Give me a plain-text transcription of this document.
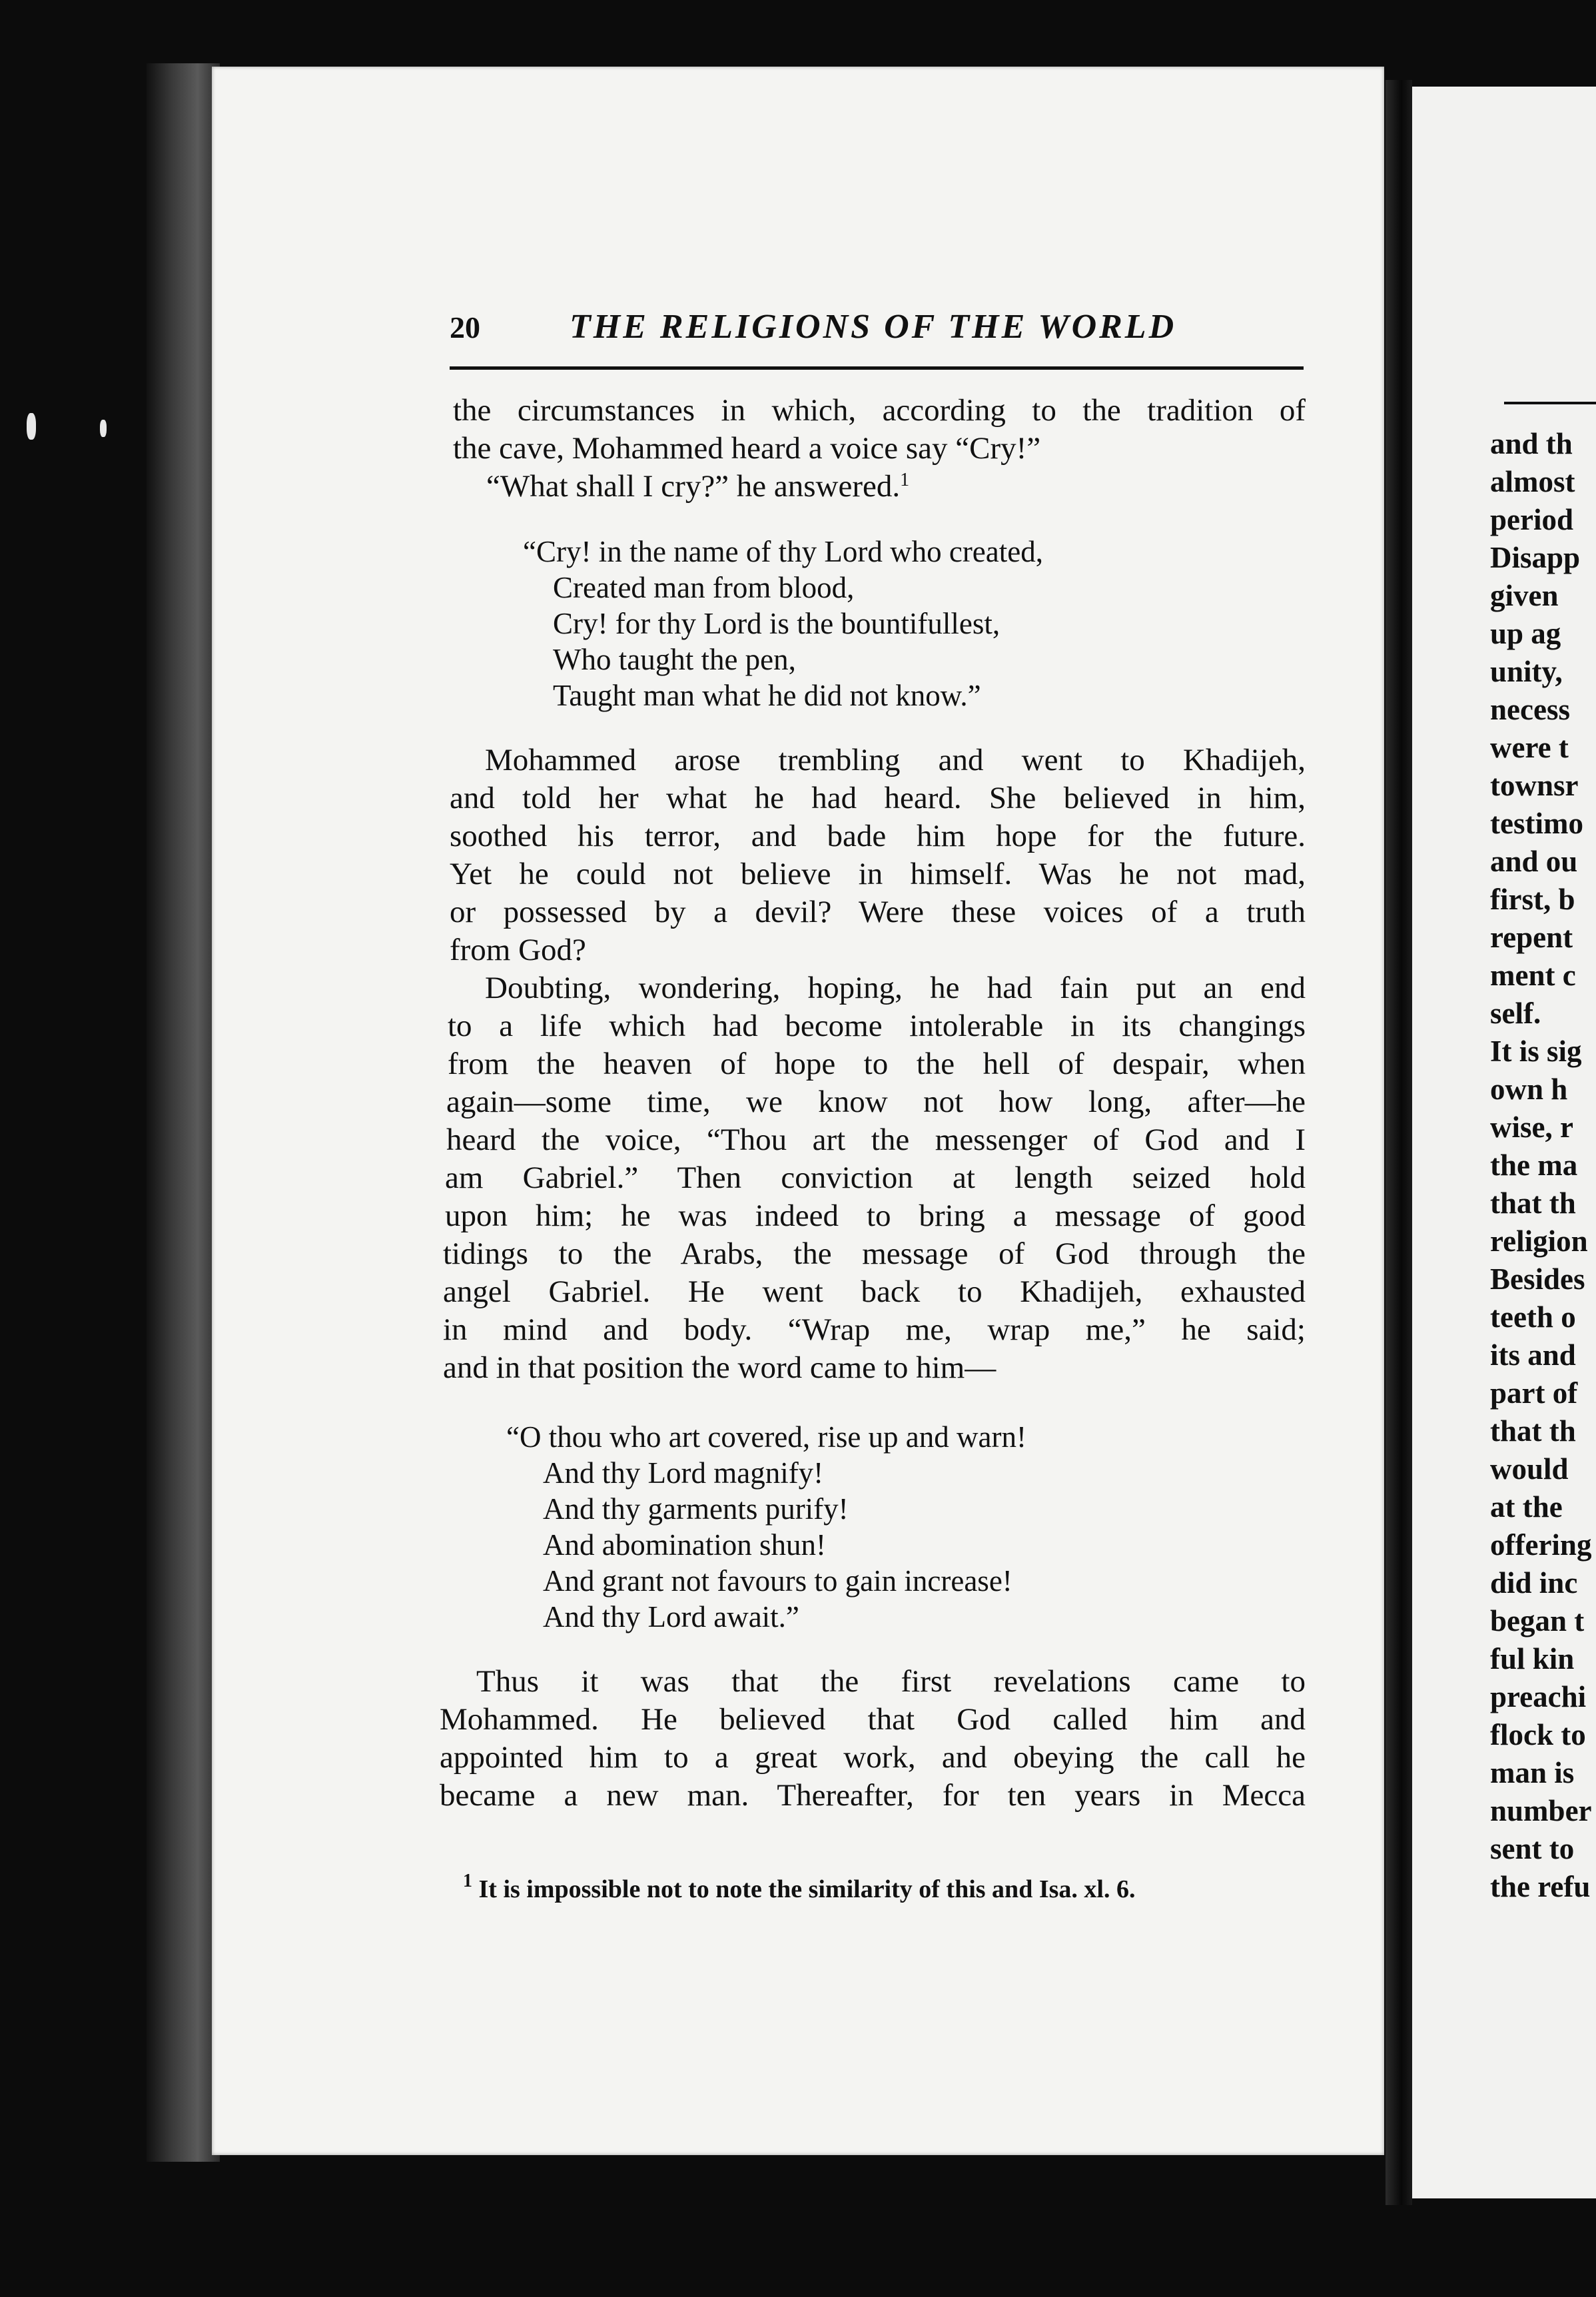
20	THE RELIGIONS OF THE WORLD
the circumstances in which, according to the tradition of
the cave, Mohammed heard a voice say “Cry!”
“What shall I cry?” he answered.$^1$
“Cry! in the name of thy Lord who created,
Created man from blood,
Cry! for thy Lord is the bountifullest,
Who taught the pen,
Taught man what he did not know.”
Mohammed arose trembling and went to Khadijeh,
and told her what he had heard. She believed in him,
soothed his terror, and bade him hope for the future.
Yet he could not believe in himself. Was he not mad,
or possessed by a devil? Were these voices of a truth
from God?
Doubting, wondering, hoping, he had fain put an end
to a life which had become intolerable in its changings
from the heaven of hope to the hell of despair, when
again—some time, we know not how long, after—he
heard the voice, “Thou art the messenger of God and I
am Gabriel.” Then conviction at length seized hold
upon him; he was indeed to bring a message of good
tidings to the Arabs, the message of God through the
angel Gabriel. He went back to Khadijeh, exhausted
in mind and body. “Wrap me, wrap me,” he said;
and in that position the word came to him—
“O thou who art covered, rise up and warn!
And thy Lord magnify!
And thy garments purify!
And abomination shun!
And grant not favours to gain increase!
And thy Lord await.”
Thus it was that the first revelations came to
Mohammed. He believed that God called him and
appointed him to a great work, and obeying the call he
became a new man. Thereafter, for ten years in Mecca
$^1$ It is impossible not to note the similarity of this and Isa. xl. 6.
and th
almost
period
Disapp
given
up ag
unity,
necess
were t
townsr
testimo
and ou
first, b
repent
ment c
self.
It is sig
own h
wise, r
the ma
that th
religion
Besides
teeth o
its and
part of
that th
would
at the
offering
did inc
began t
ful kin
preachi
flock to
man is
number
sent to
the refu
